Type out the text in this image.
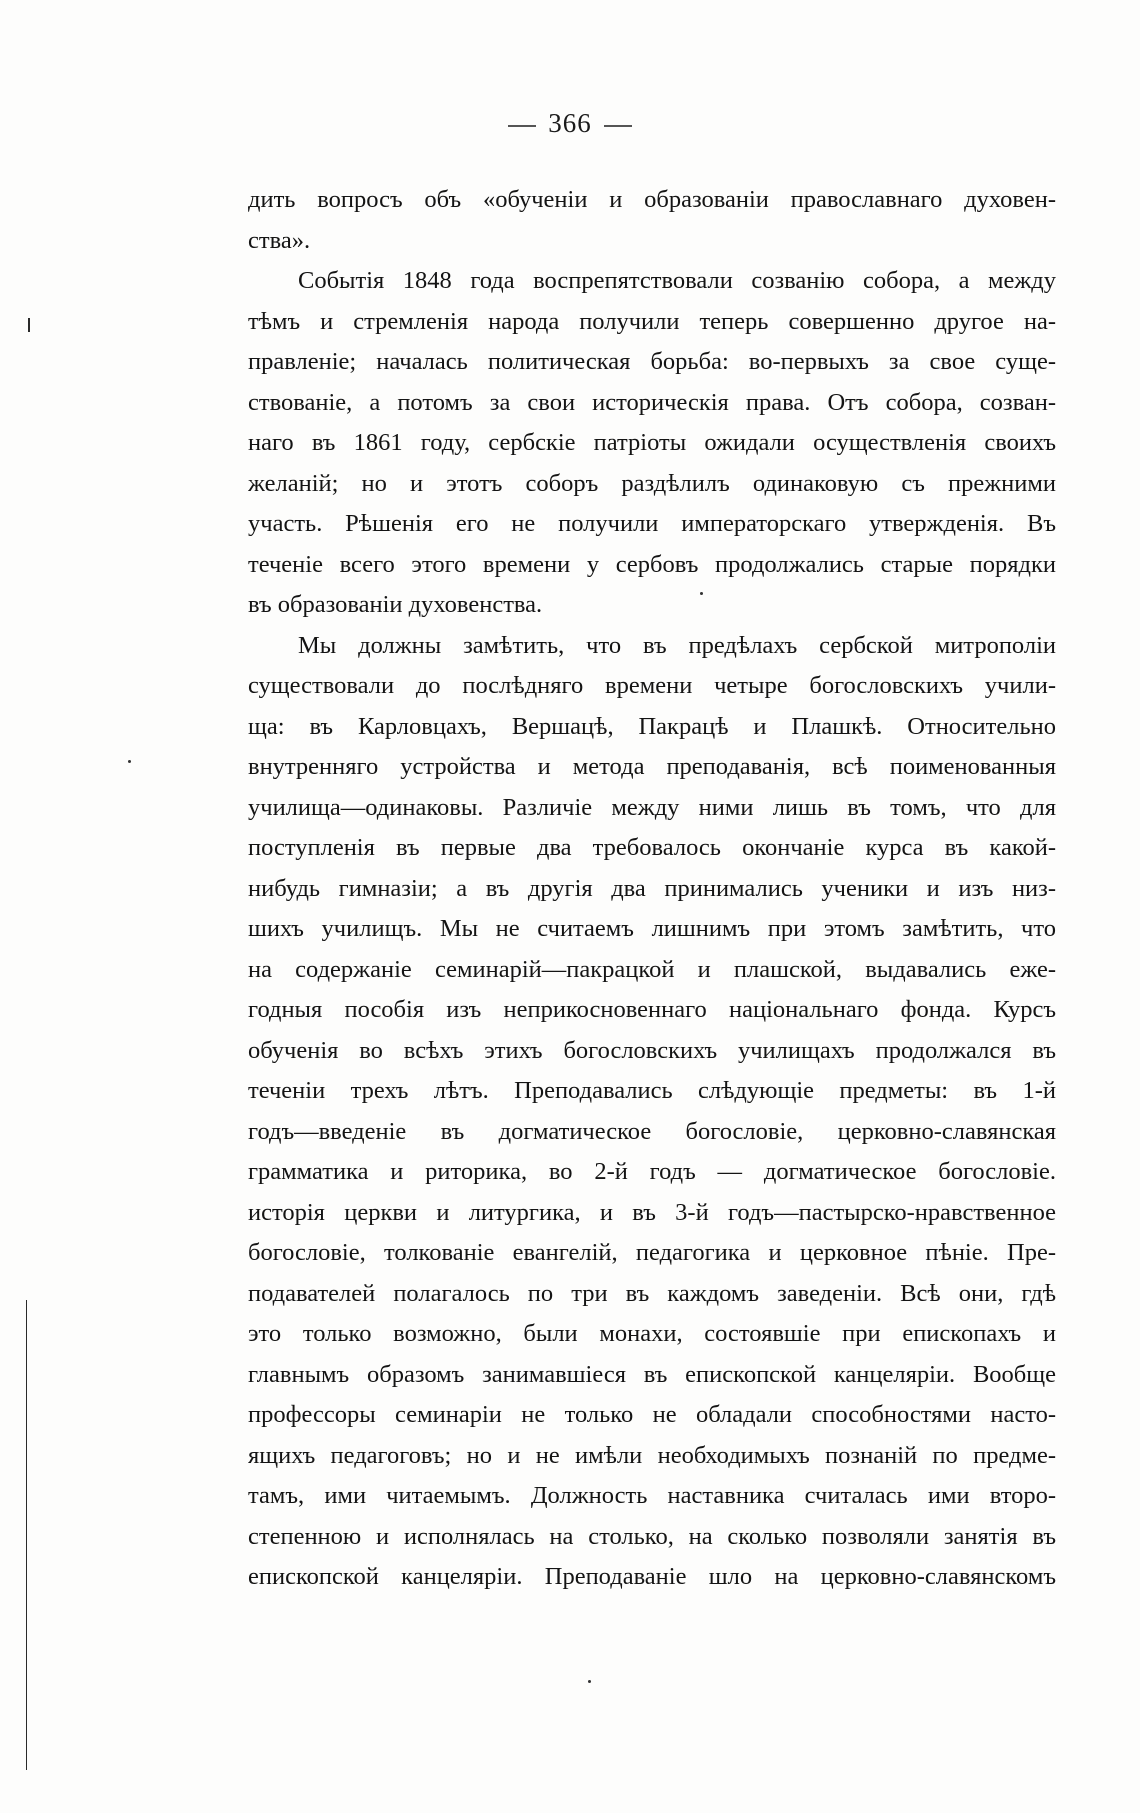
366
дить вопросъ объ «обученіи и образованіи православнаго духовен-
ства».
Событія 1848 года воспрепятствовали созванію собора, а между
тѣмъ и стремленія народа получили теперь совершенно другое на-
правленіе; началась политическая борьба: во-первыхъ за свое суще-
ствованіе, а потомъ за свои историческія права. Отъ собора, созван-
наго въ 1861 году, сербскіе патріоты ожидали осуществленія своихъ
желаній; но и этотъ соборъ раздѣлилъ одинаковую съ прежними
участь. Рѣшенія его не получили императорскаго утвержденія. Въ
теченіе всего этого времени у сербовъ продолжались старые порядки
въ образованіи духовенства.
Мы должны замѣтить, что въ предѣлахъ сербской митрополіи
существовали до послѣдняго времени четыре богословскихъ учили-
ща: въ Карловцахъ, Вершацѣ, Пакрацѣ и Плашкѣ. Относительно
внутренняго устройства и метода преподаванія, всѣ поименованныя
училища—одинаковы. Различіе между ними лишь въ томъ, что для
поступленія въ первые два требовалось окончаніе курса въ какой-
нибудь гимназіи; а въ другія два принимались ученики и изъ низ-
шихъ училищъ. Мы не считаемъ лишнимъ при этомъ замѣтить, что
на содержаніе семинарій—пакрацкой и плашской, выдавались еже-
годныя пособія изъ неприкосновеннаго національнаго фонда. Курсъ
обученія во всѣхъ этихъ богословскихъ училищахъ продолжался въ
теченіи трехъ лѣтъ. Преподавались слѣдующіе предметы: въ 1-й
годъ—введеніе въ догматическое богословіе, церковно-славянская
грамматика и риторика, во 2-й годъ — догматическое богословіе.
исторія церкви и литургика, и въ 3-й годъ—пастырско-нравственное
богословіе, толкованіе евангелій, педагогика и церковное пѣніе. Пре-
подавателей полагалось по три въ каждомъ заведеніи. Всѣ они, гдѣ
это только возможно, были монахи, состоявшіе при епископахъ и
главнымъ образомъ занимавшіеся въ епископской канцеляріи. Вообще
профессоры семинаріи не только не обладали способностями насто-
ящихъ педагоговъ; но и не имѣли необходимыхъ познаній по предме-
тамъ, ими читаемымъ. Должность наставника считалась ими второ-
степенною и исполнялась на столько, на сколько позволяли занятія въ
епископской канцеляріи. Преподаваніе шло на церковно-славянскомъ
